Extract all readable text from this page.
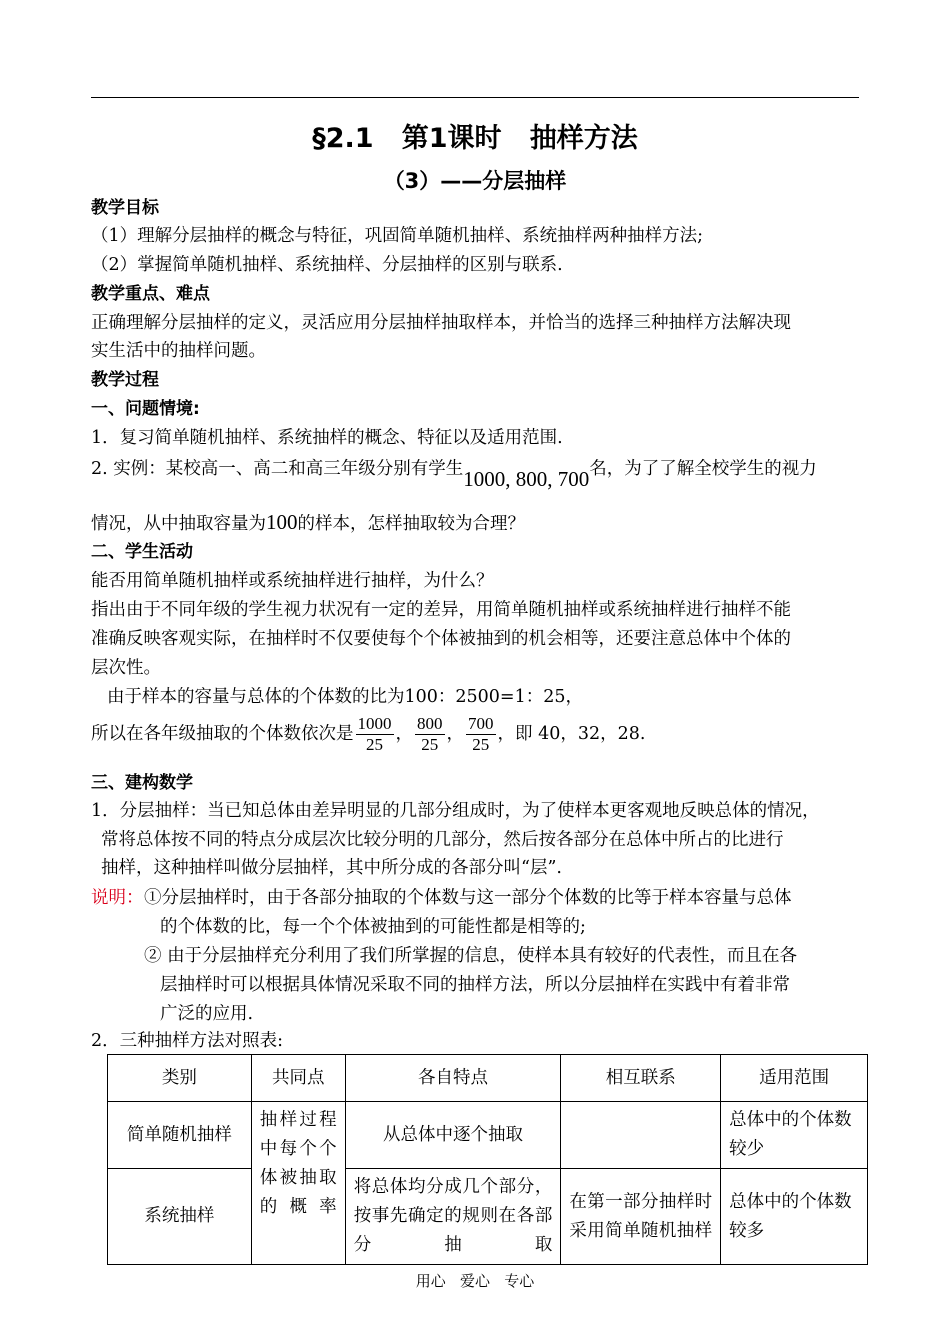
§2.1   第1课时   抽样方法
（3）——分层抽样
教学目标
（1）理解分层抽样的概念与特征，巩固简单随机抽样、系统抽样两种抽样方法;
（2）掌握简单随机抽样、系统抽样、分层抽样的区别与联系.
教学重点、难点
正确理解分层抽样的定义，灵活应用分层抽样抽取样本，并恰当的选择三种抽样方法解决现
实生活中的抽样问题。
教学过程
一、问题情境:
1．复习简单随机抽样、系统抽样的概念、特征以及适用范围.
2. 实例：某校高一、高二和高三年级分别有学生1000, 800, 700名，为了了解全校学生的视力
情况，从中抽取容量为100的样本，怎样抽取较为合理？
二、学生活动
能否用简单随机抽样或系统抽样进行抽样，为什么？
指出由于不同年级的学生视力状况有一定的差异，用简单随机抽样或系统抽样进行抽样不能
准确反映客观实际，在抽样时不仅要使每个个体被抽到的机会相等，还要注意总体中个体的
层次性。
由于样本的容量与总体的个体数的比为100：2500=1：25，
所以在各年级抽取的个体数依次是 $\frac{1000}{25}$ ， $\frac{800}{25}$ ， $\frac{700}{25}$ ，即 40，32，28.
三、建构数学
1．分层抽样：当已知总体由差异明显的几部分组成时，为了使样本更客观地反映总体的情况，
常将总体按不同的特点分成层次比较分明的几部分，然后按各部分在总体中所占的比进行
抽样，这种抽样叫做分层抽样，其中所分成的各部分叫“层”.
说明： ①分层抽样时，由于各部分抽取的个体数与这一部分个体数的比等于样本容量与总体
的个体数的比，每一个个体被抽到的可能性都是相等的;
② 由于分层抽样充分利用了我们所掌握的信息，使样本具有较好的代表性，而且在各
层抽样时可以根据具体情况采取不同的抽样方法，所以分层抽样在实践中有着非常
广泛的应用.
2．三种抽样方法对照表:
类别	共同点	各自特点	相互联系	适用范围
简单随机抽样	抽样过程中每个个体被抽取的概率	从总体中逐个抽取		总体中的个体数较少
系统抽样		将总体均分成几个部分，按事先确定的规则在各部分抽取	在第一部分抽样时采用简单随机抽样	总体中的个体数较多
用心   爱心   专心
